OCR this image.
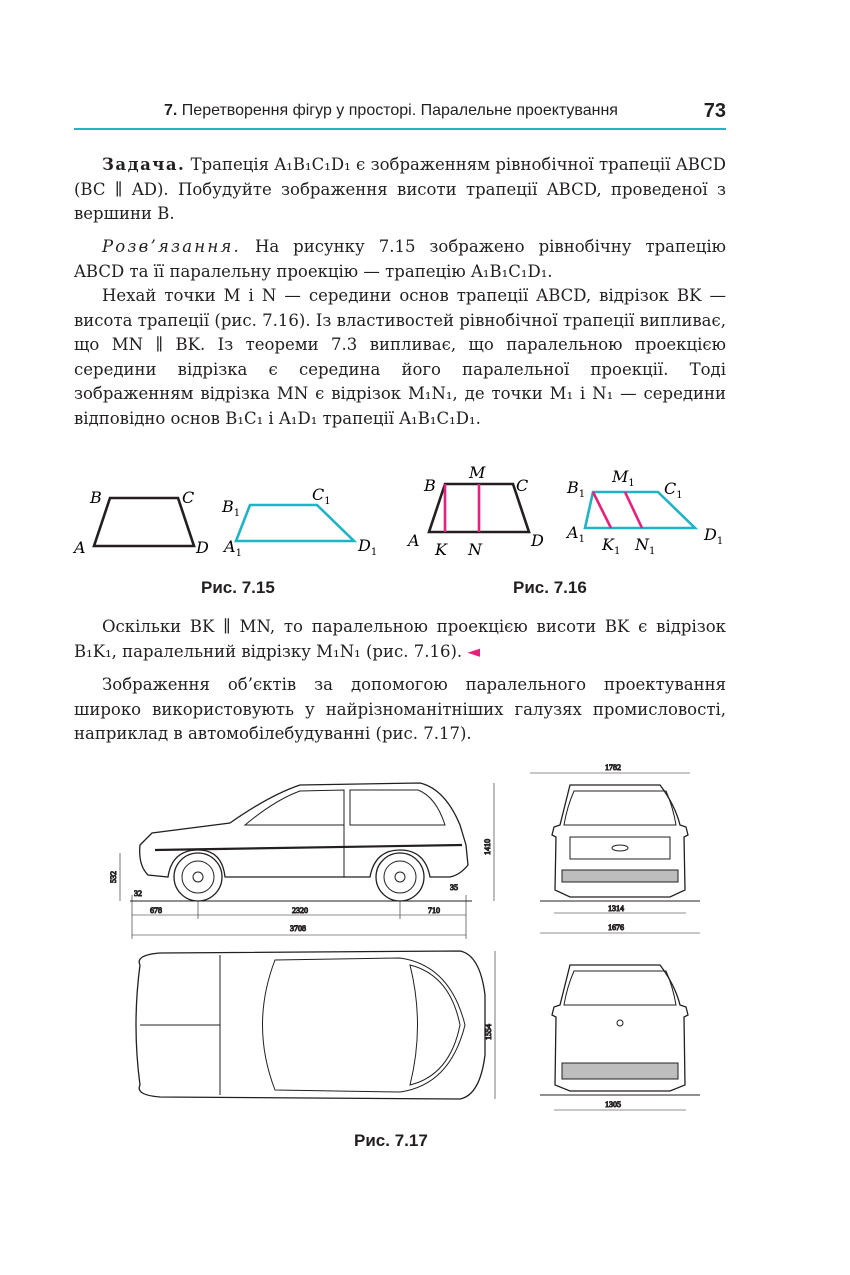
7. Перетворення фігур у просторі. Паралельне проектування	73

Задача. Трапеція A₁B₁C₁D₁ є зображенням рівнобічної трапеції ABCD (BC ∥ AD). Побудуйте зображення висоти трапеції ABCD, проведеної з вершини B.

Розв’язання. На рисунку 7.15 зображено рівнобічну трапецію ABCD та її паралельну проекцію — трапецію A₁B₁C₁D₁.

Нехай точки M і N — середини основ трапеції ABCD, відрізок BK — висота трапеції (рис. 7.16). Із властивостей рівнобічної трапеції випливає, що MN ∥ BK. Із теореми 7.3 випливає, що паралельною проекцією середини відрізка є середина його паралельної проекції. Тоді зображенням відрізка MN є відрізок M₁N₁, де точки M₁ і N₁ — середини відповідно основ B₁C₁ і A₁D₁ трапеції A₁B₁C₁D₁.

B	C
A	D
$B_1$
$C_1$
$A_1$	$D_1$
Рис. 7.15
B
M
C
A K N	D
$B_1$
$M_1$ $C_1$
$A_1$ $K_1$ $N_1$
$D_1$
Рис. 7.16

Оскільки BK ∥ MN, то паралельною проекцією висоти BK є відрізок B₁K₁, паралельний відрізку M₁N₁ (рис. 7.16). ◄

Зображення об’єктів за допомогою паралельного проектування широко використовують у найрізноманітніших галузях промисловості, наприклад в автомобілебудуванні (рис. 7.17).

532
1410
32
35
678	2320	710
3708
1782
1314
1676
1554
1305
Рис. 7.17
